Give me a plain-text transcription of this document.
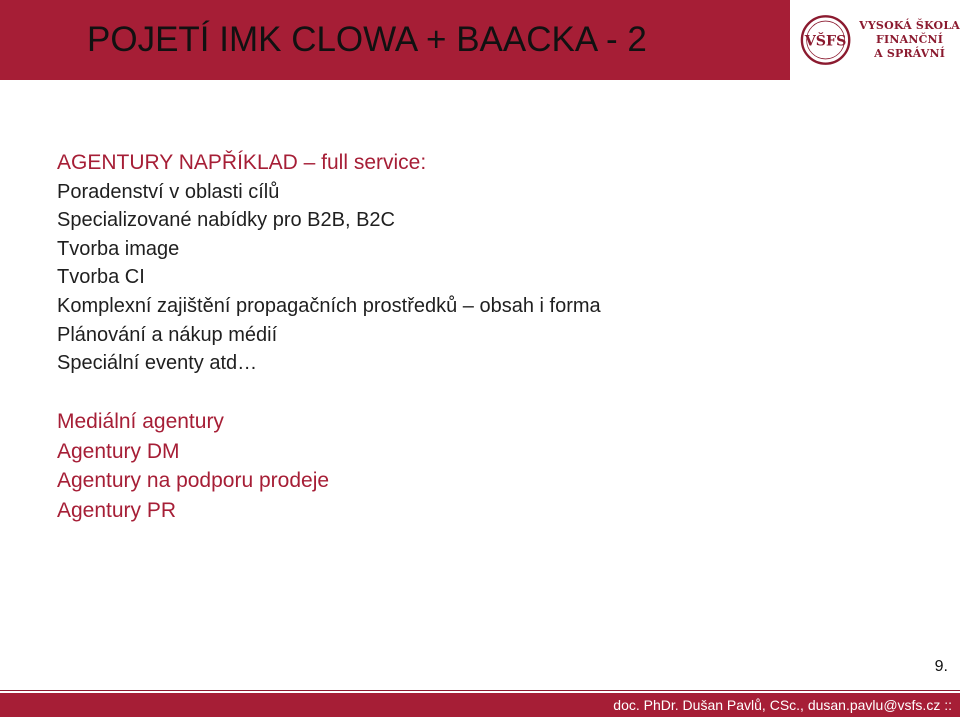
POJETÍ IMK CLOWA + BAACKA - 2	VŠFS
VYSOKÁ ŠKOLA
FINANČNÍ
A SPRÁVNÍ
AGENTURY NAPŘÍKLAD – full service:
Poradenství v oblasti cílů
Specializované nabídky pro B2B, B2C
Tvorba image
Tvorba CI
Komplexní zajištění propagačních prostředků – obsah i forma
Plánování a nákup médií
Speciální eventy atd…
Mediální agentury
Agentury DM
Agentury na podporu prodeje
Agentury PR
9.
doc. PhDr. Dušan Pavlů, CSc., dusan.pavlu@vsfs.cz ::
